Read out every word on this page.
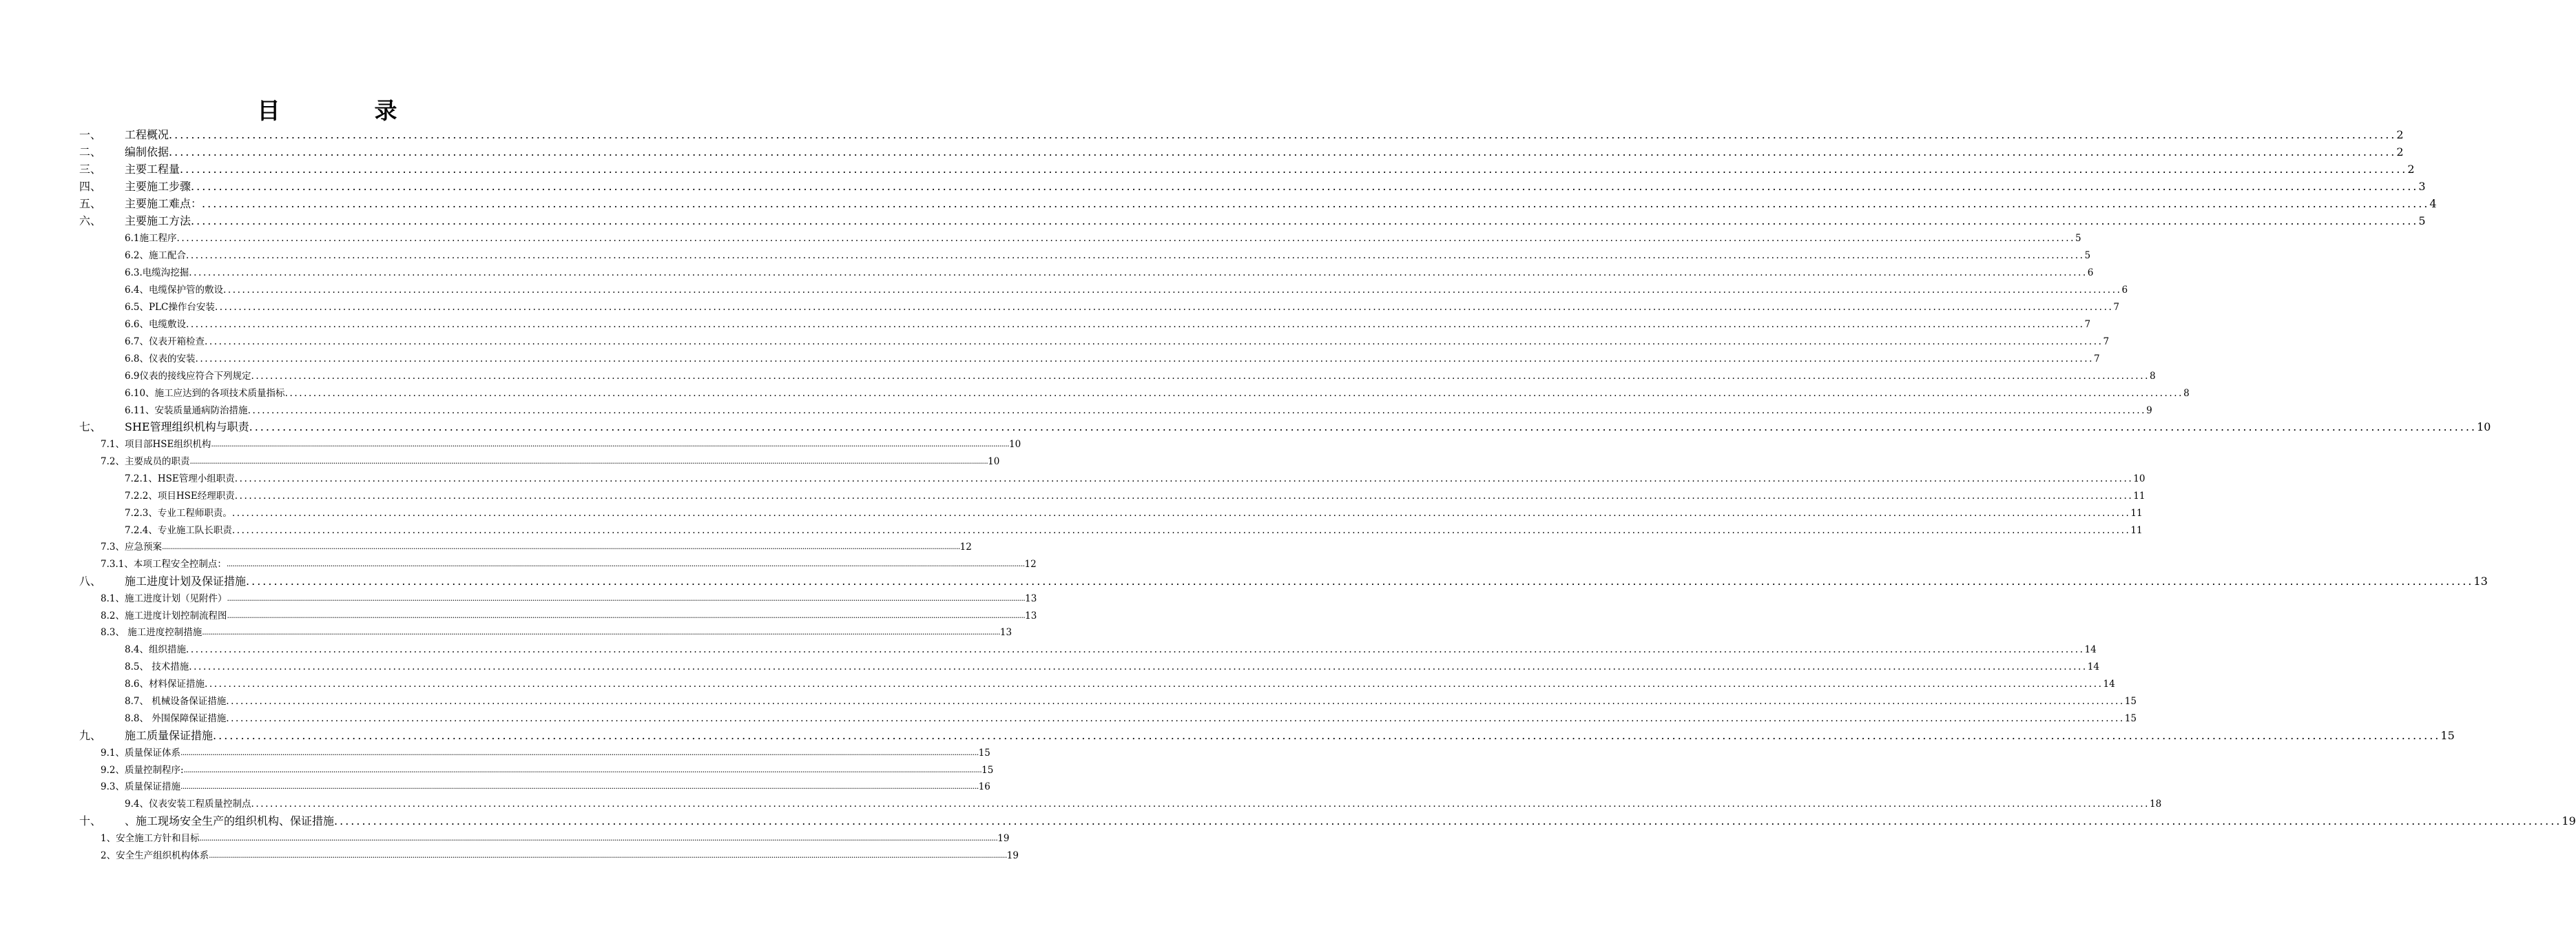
目　录
一、	工程概况 ................................................................................................................................................................................................................................................................................................................................................................................................................ 2
二、	编制依据 ................................................................................................................................................................................................................................................................................................................................................................................................................ 2
三、	主要工程量 ................................................................................................................................................................................................................................................................................................................................................................................................................ 2
四、	主要施工步骤 ................................................................................................................................................................................................................................................................................................................................................................................................................ 3
五、	主要施工难点： ................................................................................................................................................................................................................................................................................................................................................................................................................ 4
六、	主要施工方法 ................................................................................................................................................................................................................................................................................................................................................................................................................ 5
6.1施工程序 ................................................................................................................................................................................................................................................................................................................................................................................................................ 5
6.2、施工配合 ................................................................................................................................................................................................................................................................................................................................................................................................................ 5
6.3.电缆沟挖掘 ................................................................................................................................................................................................................................................................................................................................................................................................................ 6
6.4、电缆保护管的敷设 ................................................................................................................................................................................................................................................................................................................................................................................................................ 6
6.5、PLC操作台安装 ................................................................................................................................................................................................................................................................................................................................................................................................................ 7
6.6、电缆敷设 ................................................................................................................................................................................................................................................................................................................................................................................................................ 7
6.7、仪表开箱检查 ................................................................................................................................................................................................................................................................................................................................................................................................................ 7
6.8、仪表的安装 ................................................................................................................................................................................................................................................................................................................................................................................................................ 7
6.9仪表的接线应符合下列规定 ................................................................................................................................................................................................................................................................................................................................................................................................................ 8
6.10、施工应达到的各项技术质量指标 ................................................................................................................................................................................................................................................................................................................................................................................................................ 8
6.11、安装质量通病防治措施 ................................................................................................................................................................................................................................................................................................................................................................................................................ 9
七、	SHE管理组织机构与职责 ................................................................................................................................................................................................................................................................................................................................................................................................................ 10
7.1、项目部HSE组织机构 ................................................................................................................................................................................................................................................................................................................................................................................................................ 10
7.2、主要成员的职责 ................................................................................................................................................................................................................................................................................................................................................................................................................ 10
7.2.1、HSE管理小组职责 ................................................................................................................................................................................................................................................................................................................................................................................................................ 10
7.2.2、项目HSE经理职责 ................................................................................................................................................................................................................................................................................................................................................................................................................ 11
7.2.3、专业工程师职责。 ................................................................................................................................................................................................................................................................................................................................................................................................................ 11
7.2.4、专业施工队长职责 ................................................................................................................................................................................................................................................................................................................................................................................................................ 11
7.3、应急预案 ................................................................................................................................................................................................................................................................................................................................................................................................................ 12
7.3.1、本项工程安全控制点： ................................................................................................................................................................................................................................................................................................................................................................................................................ 12
八、	施工进度计划及保证措施 ................................................................................................................................................................................................................................................................................................................................................................................................................ 13
8.1、施工进度计划（见附件） ................................................................................................................................................................................................................................................................................................................................................................................................................ 13
8.2、施工进度计划控制流程图 ................................................................................................................................................................................................................................................................................................................................................................................................................ 13
8.3、 施工进度控制措施 ................................................................................................................................................................................................................................................................................................................................................................................................................ 13
8.4、组织措施 ................................................................................................................................................................................................................................................................................................................................................................................................................ 14
8.5、 技术措施 ................................................................................................................................................................................................................................................................................................................................................................................................................ 14
8.6、材料保证措施 ................................................................................................................................................................................................................................................................................................................................................................................................................ 14
8.7、 机械设备保证措施 ................................................................................................................................................................................................................................................................................................................................................................................................................ 15
8.8、 外围保障保证措施 ................................................................................................................................................................................................................................................................................................................................................................................................................ 15
九、	施工质量保证措施 ................................................................................................................................................................................................................................................................................................................................................................................................................ 15
9.1、质量保证体系 ................................................................................................................................................................................................................................................................................................................................................................................................................ 15
9.2、质量控制程序: ................................................................................................................................................................................................................................................................................................................................................................................................................ 15
9.3、质量保证措施 ................................................................................................................................................................................................................................................................................................................................................................................................................ 16
9.4、仪表安装工程质量控制点 ................................................................................................................................................................................................................................................................................................................................................................................................................ 18
十、	、施工现场安全生产的组织机构、保证措施 ................................................................................................................................................................................................................................................................................................................................................................................................................ 19
1、安全施工方针和目标 ................................................................................................................................................................................................................................................................................................................................................................................................................ 19
2、安全生产组织机构体系 ................................................................................................................................................................................................................................................................................................................................................................................................................ 19
